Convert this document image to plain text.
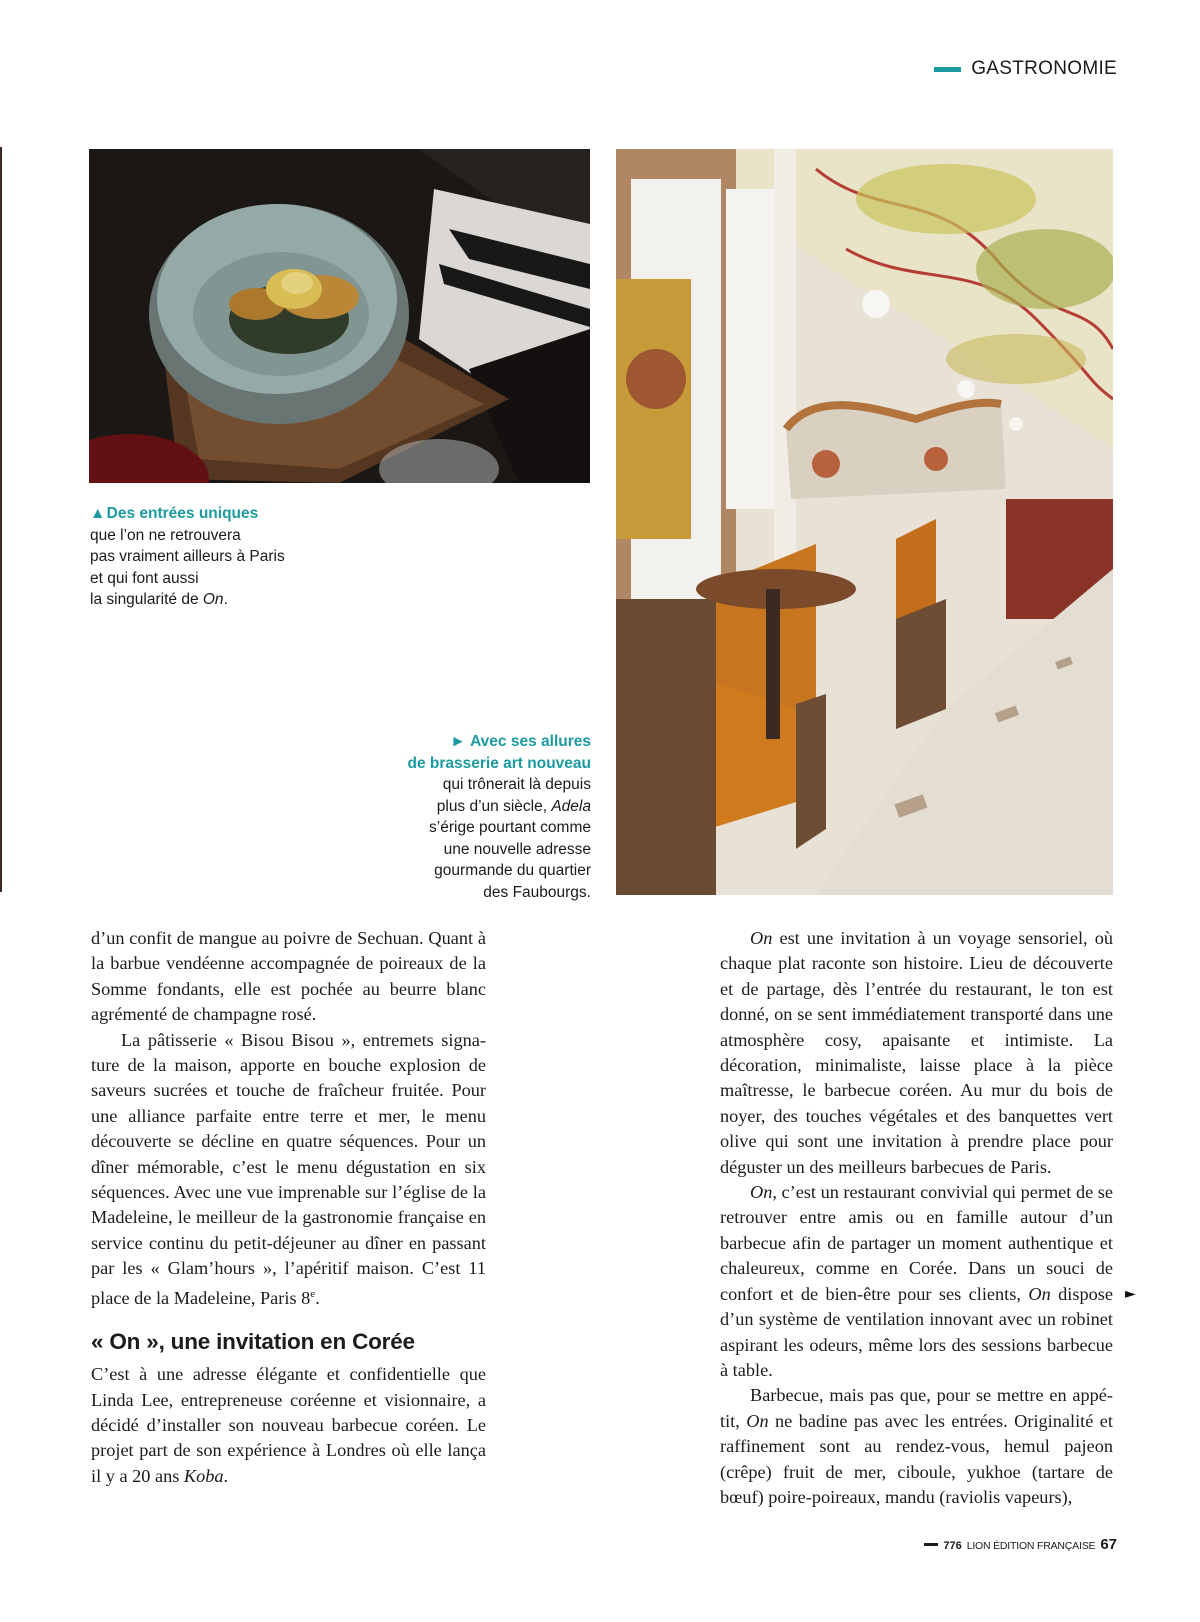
GASTRONOMIE
▲ Des entrées uniques
que l’on ne retrouvera
pas vraiment ailleurs à Paris
et qui font aussi
la singularité de On.
► Avec ses allures
de brasserie art nouveau
qui trônerait là depuis
plus d’un siècle, Adela
s’érige pourtant comme
une nouvelle adresse
gourmande du quartier
des Faubourgs.

d’un confit de mangue au poivre de Sechuan. Quant à la barbue vendéenne accompagnée de poireaux de la Somme fondants, elle est pochée au beurre blanc agrémenté de champagne rosé.

La pâtisserie « Bisou Bisou », entremets signature de la maison, apporte en bouche explosion de saveurs sucrées et touche de fraîcheur fruitée. Pour une alliance parfaite entre terre et mer, le menu découverte se décline en quatre séquences. Pour un dîner mémorable, c’est le menu dégustation en six séquences. Avec une vue imprenable sur l’église de la Madeleine, le meilleur de la gastronomie française en service continu du petit-déjeuner au dîner en passant par les « Glam’hours », l’apéritif maison. C’est 11 place de la Madeleine, Paris 8e.

« On », une invitation en Corée

C’est à une adresse élégante et confidentielle que Linda Lee, entrepreneuse coréenne et visionnaire, a décidé d’installer son nouveau barbecue coréen. Le projet part de son expérience à Londres où elle lança il y a 20 ans Koba.

On est une invitation à un voyage sensoriel, où chaque plat raconte son histoire. Lieu de découverte et de partage, dès l’entrée du restaurant, le ton est donné, on se sent immédiatement transporté dans une atmosphère cosy, apaisante et intimiste. La décoration, minimaliste, laisse place à la pièce maîtresse, le barbecue coréen. Au mur du bois de noyer, des touches végétales et des banquettes vert olive qui sont une invitation à prendre place pour déguster un des meilleurs barbecues de Paris.

On, c’est un restaurant convivial qui permet de se retrouver entre amis ou en famille autour d’un barbecue afin de partager un moment authentique et chaleureux, comme en Corée. Dans un souci de confort et de bien-être pour ses clients, On dispose d’un système de ventilation innovant avec un robinet aspirant les odeurs, même lors des sessions barbecue à table.

Barbecue, mais pas que, pour se mettre en appétit, On ne badine pas avec les entrées. Originalité et raffinement sont au rendez-vous, hemul pajeon (crêpe) fruit de mer, ciboule, yukhoe (tartare de bœuf) poire-poireaux, mandu (raviolis vapeurs),

►
776 LION ÉDITION FRANÇAISE 67
